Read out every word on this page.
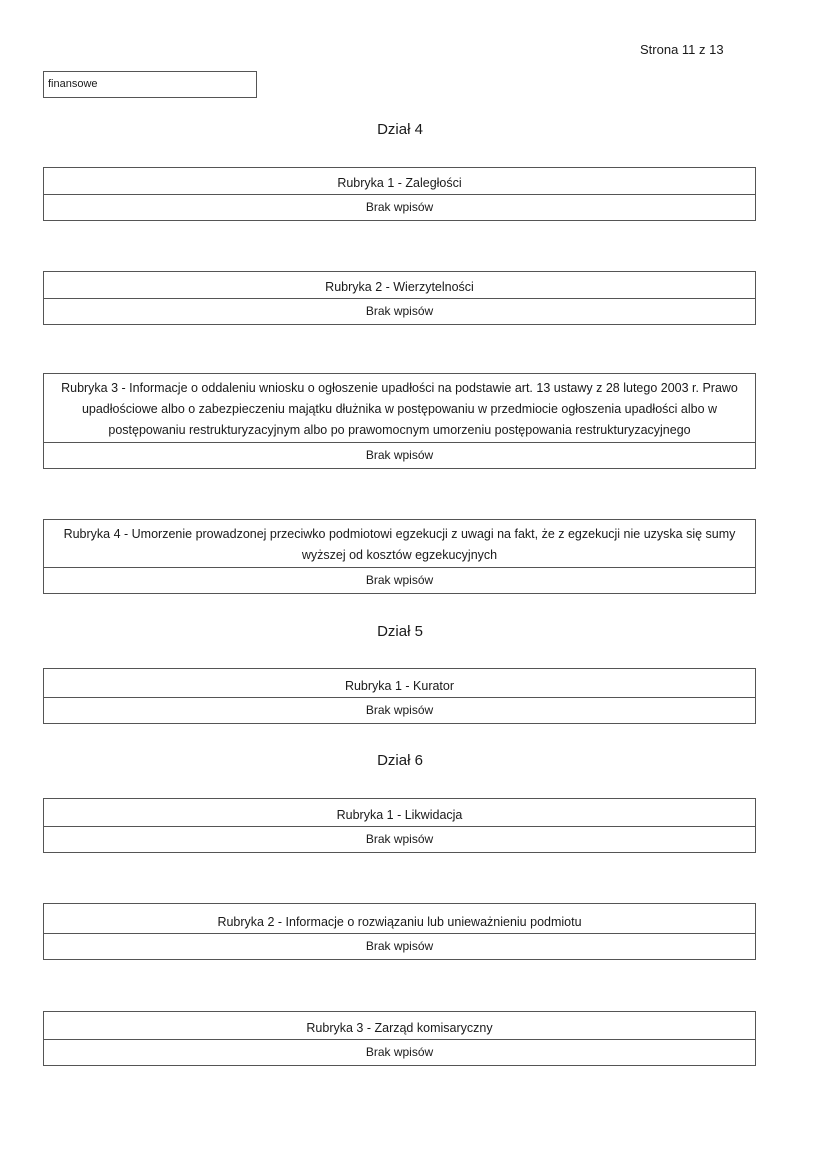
Strona 11 z 13
finansowe
Dział 4
Rubryka 1 - Zaległości
Brak wpisów
Rubryka 2 - Wierzytelności
Brak wpisów
Rubryka 3 - Informacje o oddaleniu wniosku o ogłoszenie upadłości na podstawie art. 13 ustawy z 28 lutego 2003 r. Prawo upadłościowe albo o zabezpieczeniu majątku dłużnika w postępowaniu w przedmiocie ogłoszenia upadłości albo w postępowaniu restrukturyzacyjnym albo po prawomocnym umorzeniu postępowania restrukturyzacyjnego
Brak wpisów
Rubryka 4 - Umorzenie prowadzonej przeciwko podmiotowi egzekucji z uwagi na fakt, że z egzekucji nie uzyska się sumy wyższej od kosztów egzekucyjnych
Brak wpisów
Dział 5
Rubryka 1 - Kurator
Brak wpisów
Dział 6
Rubryka 1 - Likwidacja
Brak wpisów
Rubryka 2 - Informacje o rozwiązaniu lub unieważnieniu podmiotu
Brak wpisów
Rubryka 3 - Zarząd komisaryczny
Brak wpisów
